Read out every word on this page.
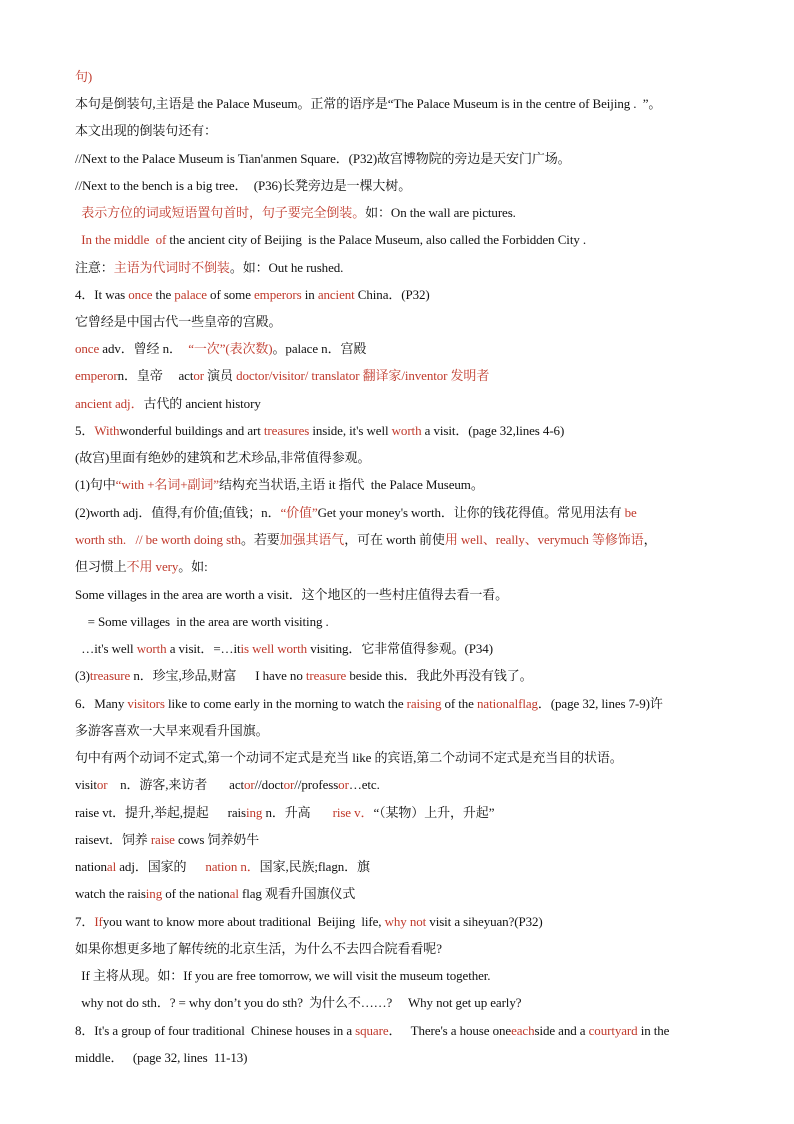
句)
本句是倒装句,主语是 the Palace Museum。正常的语序是“The Palace Museum is in the centre of Beijing .  ”。
本文出现的倒装句还有：
//Next to the Palace Museum is Tian'anmen Square．(P32)故宫博物院的旁边是天安门广场。
//Next to the bench is a big tree．  (P36)长凳旁边是一棵大树。
表示方位的词或短语置句首时，句子要完全倒装。如：On the wall are pictures.
In the middle  of the ancient city of Beijing  is the Palace Museum, also called the Forbidden City .
注意：主语为代词时不倒装。如：Out he rushed.
4．It was once the palace of some emperors in ancient China．(P32)
它曾经是中国古代一些皇帝的宫殿。
once adv．曾经 n．  “一次”(表次数)。palace n．宫殿
emperorn．皇帝     actor 演员 doctor/visitor/ translator 翻译家/inventor 发明者
ancient adj．古代的 ancient history
5．Withwonderful buildings and art treasures inside, it's well worth a visit．(page 32,lines 4-6)
(故宫)里面有绝妙的建筑和艺术珍品,非常值得参观。
(1)句中“with +名词+副词”结构充当状语,主语 it 指代  the Palace Museum。
(2)worth adj．值得,有价值;值钱；n．“价值”Get your money's worth．让你的钱花得值。常见用法有 be
worth sth.   // be worth doing sth。若要加强其语气，可在 worth 前使用 well、really、verymuch 等修饰语，
但习惯上不用 very。如:
Some villages in the area are worth a visit．这个地区的一些村庄值得去看一看。
= Some villages  in the area are worth visiting .
…it's well worth a visit．=…itis well worth visiting．它非常值得参观。(P34)
(3)treasure n．珍宝,珍品,财富      I have no treasure beside this．我此外再没有钱了。
6．Many visitors like to come early in the morning to watch the raising of the nationalflag．(page 32, lines 7-9)许
多游客喜欢一大早来观看升国旗。
句中有两个动词不定式,第一个动词不定式是充当 like 的宾语,第二个动词不定式是充当目的状语。
visitor    n．游客,来访者       actor//doctor//professor…etc.
raise vt．提升,举起,提起      raising n．升高       rise v．“（某物）上升，升起”
raisevt．饲养 raise cows 饲养奶牛
national adj．国家的      nation n．国家,民族;flagn．旗
watch the raising of the national flag 观看升国旗仪式
7．Ifyou want to know more about traditional  Beijing  life, why not visit a siheyuan?(P32)
如果你想更多地了解传统的北京生活，为什么不去四合院看看呢?
If 主将从现。如：If you are free tomorrow, we will visit the museum together.
why not do sth．? = why don’t you do sth?  为什么不……?     Why not get up early?
8．It's a group of four traditional  Chinese houses in a square．   There's a house oneeachside and a courtyard in the
middle．   (page 32, lines  11-13)
